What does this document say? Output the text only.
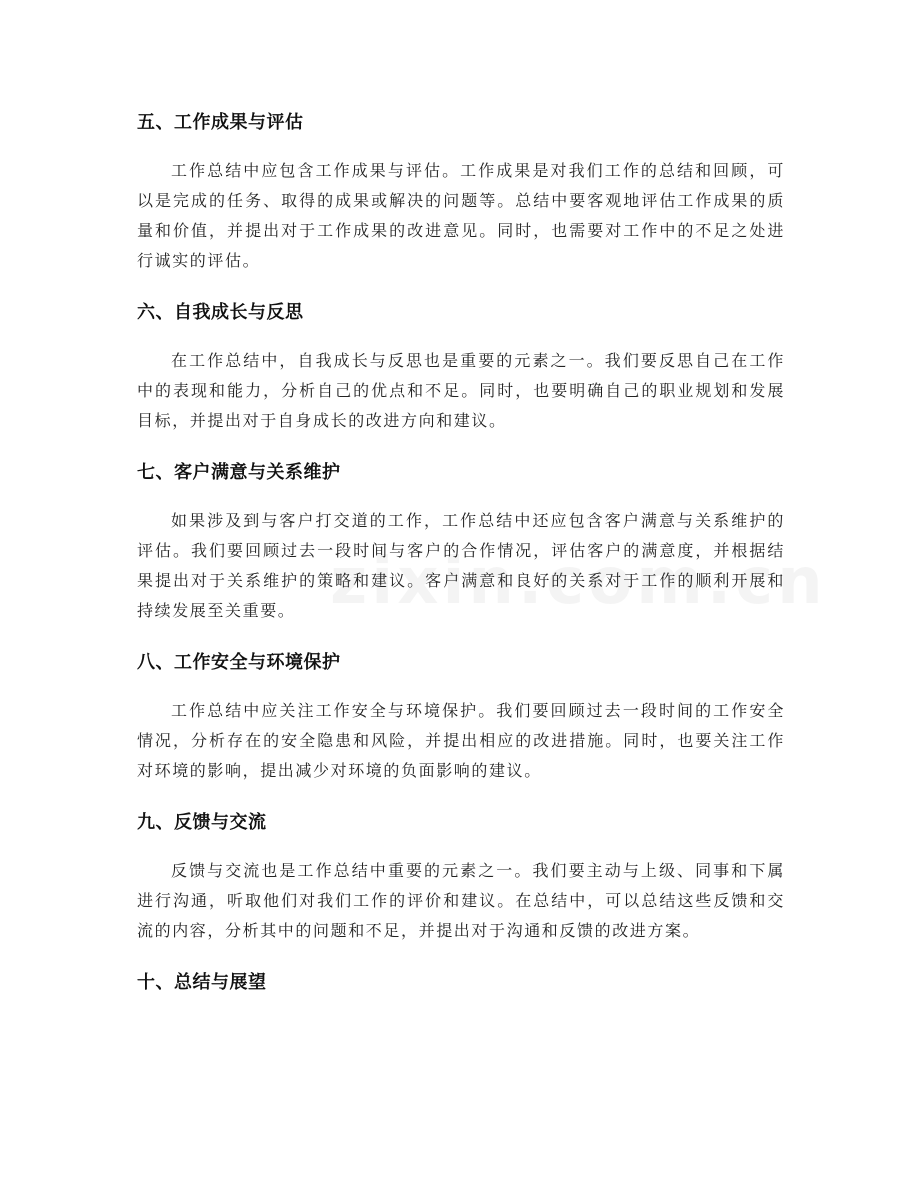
五、工作成果与评估

工作总结中应包含工作成果与评估。工作成果是对我们工作的总结和回顾，可以是完成的任务、取得的成果或解决的问题等。总结中要客观地评估工作成果的质量和价值，并提出对于工作成果的改进意见。同时，也需要对工作中的不足之处进行诚实的评估。

六、自我成长与反思

在工作总结中，自我成长与反思也是重要的元素之一。我们要反思自己在工作中的表现和能力，分析自己的优点和不足。同时，也要明确自己的职业规划和发展目标，并提出对于自身成长的改进方向和建议。

七、客户满意与关系维护

如果涉及到与客户打交道的工作，工作总结中还应包含客户满意与关系维护的评估。我们要回顾过去一段时间与客户的合作情况，评估客户的满意度，并根据结果提出对于关系维护的策略和建议。客户满意和良好的关系对于工作的顺利开展和持续发展至关重要。

八、工作安全与环境保护

工作总结中应关注工作安全与环境保护。我们要回顾过去一段时间的工作安全情况，分析存在的安全隐患和风险，并提出相应的改进措施。同时，也要关注工作对环境的影响，提出减少对环境的负面影响的建议。

九、反馈与交流

反馈与交流也是工作总结中重要的元素之一。我们要主动与上级、同事和下属进行沟通，听取他们对我们工作的评价和建议。在总结中，可以总结这些反馈和交流的内容，分析其中的问题和不足，并提出对于沟通和反馈的改进方案。

十、总结与展望
